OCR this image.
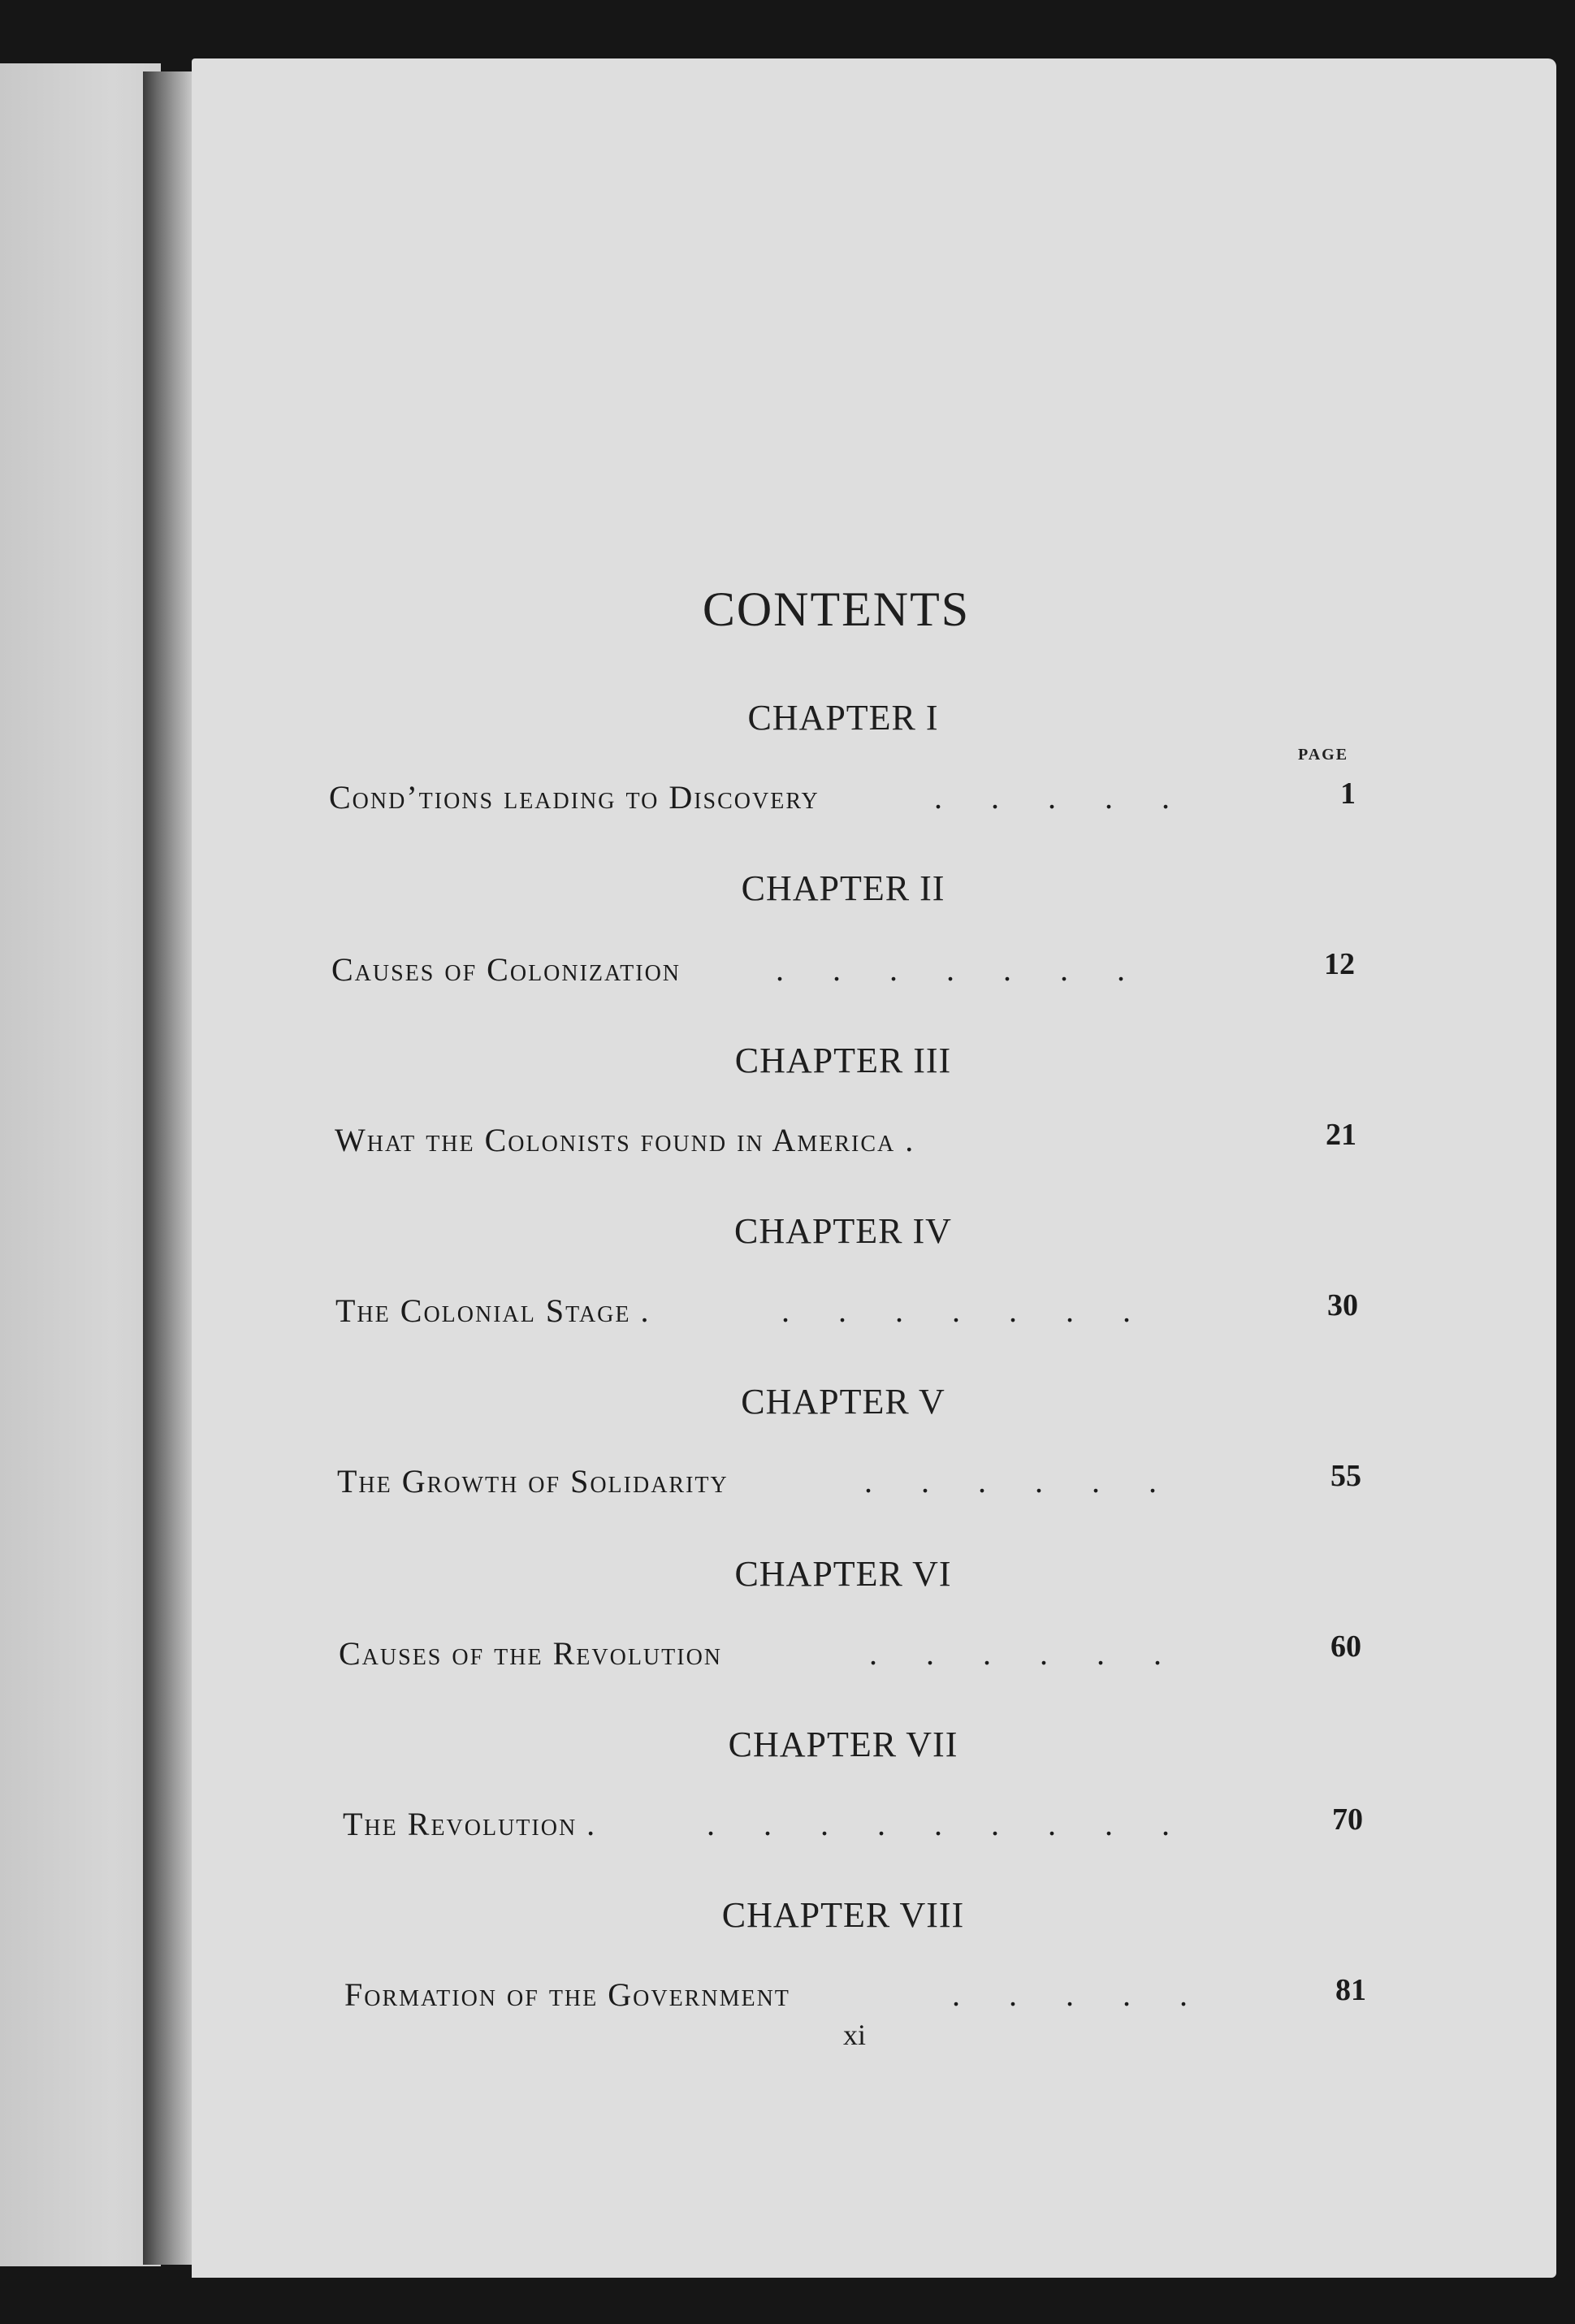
CONTENTS
PAGE
CHAPTER I
Cond’tions leading to Discovery	.      .      .      .      .	1
CHAPTER II
Causes of Colonization	.      .      .      .      .      .      .	12
CHAPTER III
What the Colonists found in America .	21
CHAPTER IV
The Colonial Stage .	.      .      .      .      .      .      .	30
CHAPTER V
The Growth of Solidarity	.      .      .      .      .      .	55
CHAPTER VI
Causes of the Revolution	.      .      .      .      .      .	60
CHAPTER VII
The Revolution .	.      .      .      .      .      .      .      .      .	70
CHAPTER VIII
Formation of the Government	.      .      .      .      .	81
xi
